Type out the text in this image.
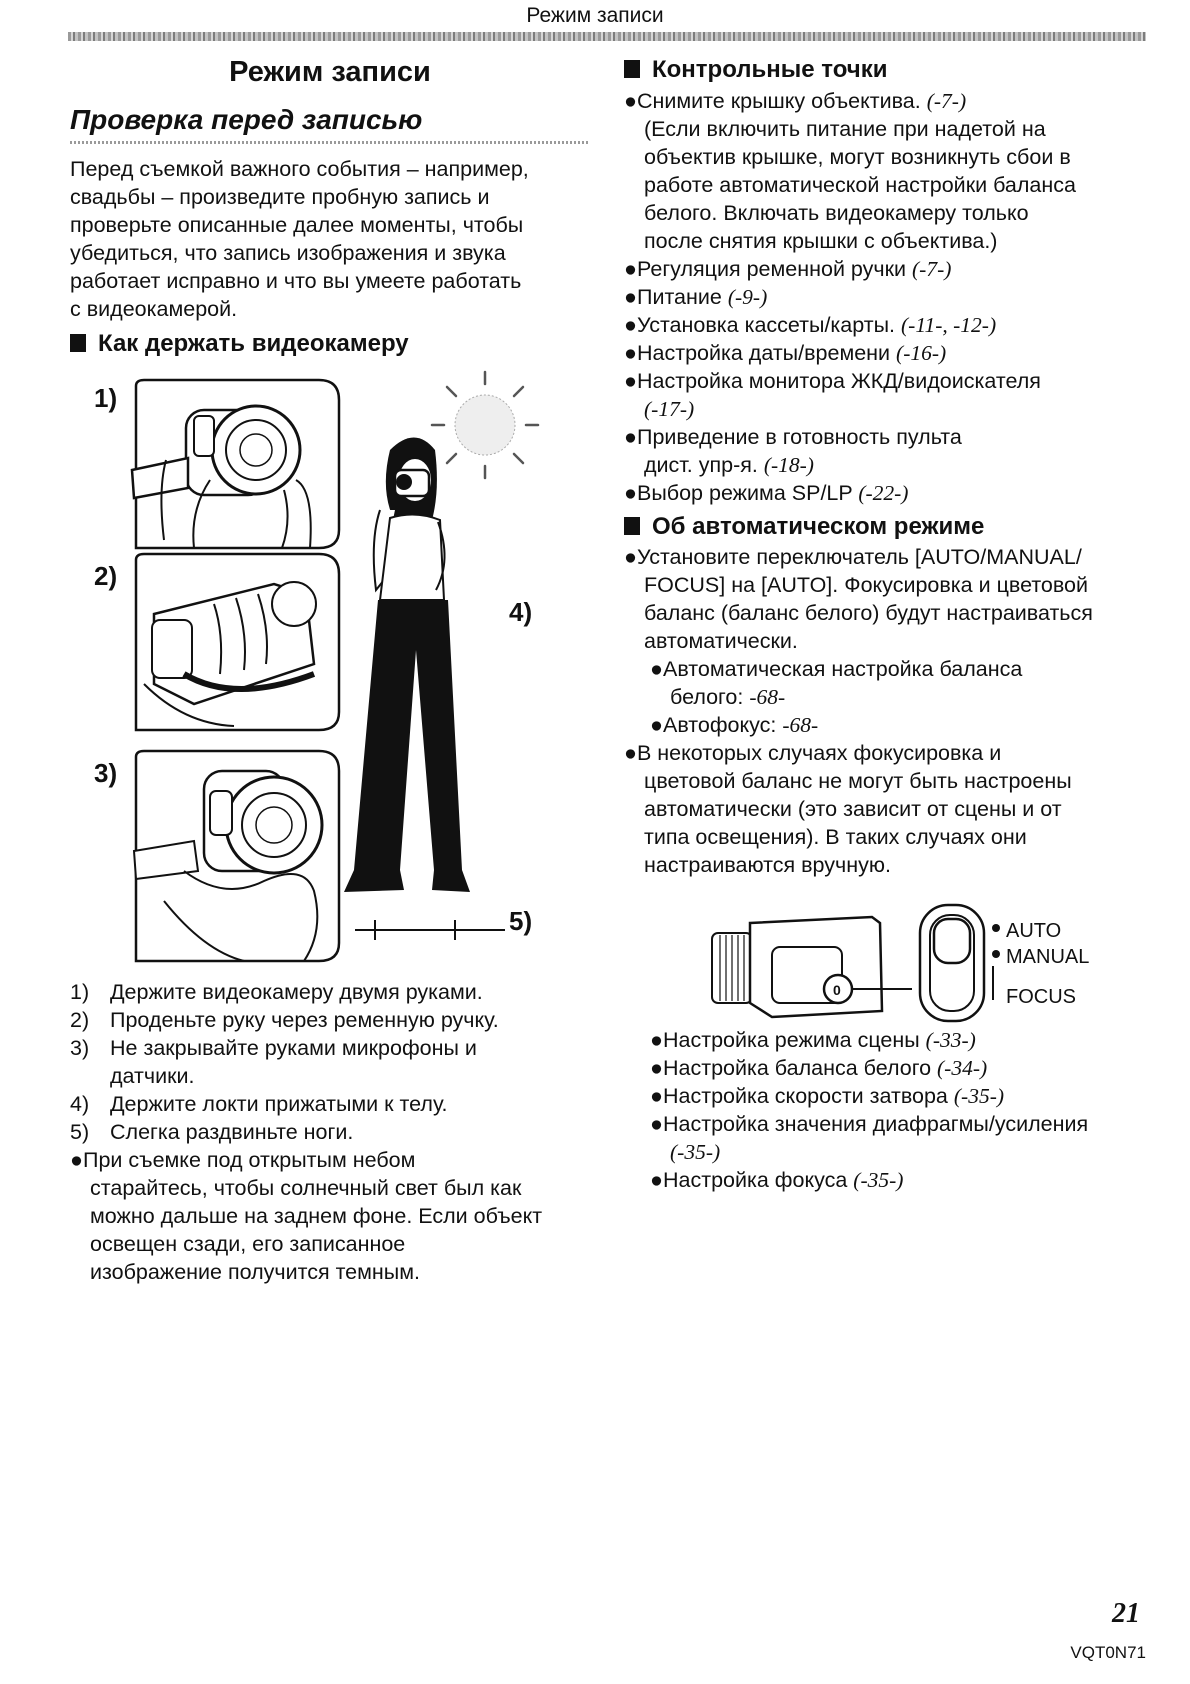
Режим записи
Режим записи
Проверка перед записью
Перед съемкой важного события – например,
свадьбы – произведите пробную запись и
проверьте описанные далее моменты, чтобы
убедиться, что запись изображения и звука
работает исправно и что вы умеете работать
с видеокамерой.
Как держать видеокамеру
1)
2)
3)
4)
5)
1) Держите видеокамеру двумя руками.
2) Проденьте руку через ременную ручку.
3) Не закрывайте руками микрофоны и
датчики.
4) Держите локти прижатыми к телу.
5) Слегка раздвиньте ноги.
●При съемке под открытым небом
старайтесь, чтобы солнечный свет был как
можно дальше на заднем фоне. Если объект
освещен сзади, его записанное
изображение получится темным.
Контрольные точки
●Снимите крышку объектива. (-7-)
(Если включить питание при надетой на
объектив крышке, могут возникнуть сбои в
работе автоматической настройки баланса
белого. Включать видеокамеру только
после снятия крышки с объектива.)
●Регуляция ременной ручки (-7-)
●Питание (-9-)
●Установка кассеты/карты. (-11-, -12-)
●Настройка даты/времени (-16-)
●Настройка монитора ЖКД/видоискателя
(-17-)
●Приведение в готовность пульта
дист. упр-я. (-18-)
●Выбор режима SP/LP (-22-)
Об автоматическом режиме
●Установите переключатель [AUTO/MANUAL/
FOCUS] на [AUTO]. Фокусировка и цветовой
баланс (баланс белого) будут настраиваться
автоматически.
●Автоматическая настройка баланса
белого: -68-
●Автофокус: -68-
●В некоторых случаях фокусировка и
цветовой баланс не могут быть настроены
автоматически (это зависит от сцены и от
типа освещения). В таких случаях они
настраиваются вручную.
0
AUTO
MANUAL
FOCUS
●Настройка режима сцены (-33-)
●Настройка баланса белого (-34-)
●Настройка скорости затвора (-35-)
●Настройка значения диафрагмы/усиления
(-35-)
●Настройка фокуса (-35-)
21
VQT0N71
